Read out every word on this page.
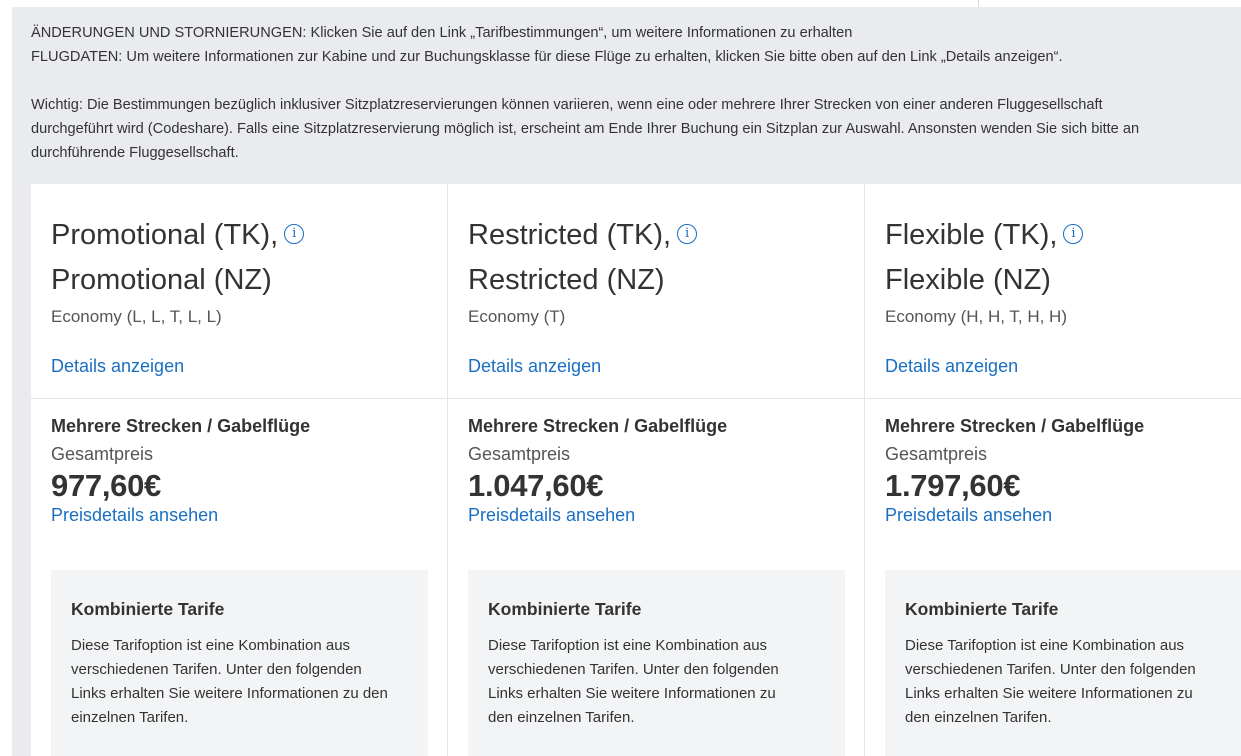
ÄNDERUNGEN UND STORNIERUNGEN: Klicken Sie auf den Link „Tarifbestimmungen“, um weitere Informationen zu erhalten

FLUGDATEN: Um weitere Informationen zur Kabine und zur Buchungsklasse für diese Flüge zu erhalten, klicken Sie bitte oben auf den Link „Details anzeigen“.

Wichtig: Die Bestimmungen bezüglich inklusiver Sitzplatzreservierungen können variieren, wenn eine oder mehrere Ihrer Strecken von einer anderen Fluggesellschaft

durchgeführt wird (Codeshare). Falls eine Sitzplatzreservierung möglich ist, erscheint am Ende Ihrer Buchung ein Sitzplan zur Auswahl. Ansonsten wenden Sie sich bitte an

durchführende Fluggesellschaft.

Promotional (TK), i
Promotional (NZ)
Economy (L, L, T, L, L)
Details anzeigen
Mehrere Strecken / Gabelflüge
Gesamtpreis
977,60€
Preisdetails ansehen
Kombinierte Tarife

Diese Tarifoption ist eine Kombination aus
verschiedenen Tarifen. Unter den folgenden
Links erhalten Sie weitere Informationen zu den
einzelnen Tarifen.

Restricted (TK), i
Restricted (NZ)
Economy (T)
Details anzeigen
Mehrere Strecken / Gabelflüge
Gesamtpreis
1.047,60€
Preisdetails ansehen
Kombinierte Tarife

Diese Tarifoption ist eine Kombination aus
verschiedenen Tarifen. Unter den folgenden
Links erhalten Sie weitere Informationen zu
den einzelnen Tarifen.

Flexible (TK), i
Flexible (NZ)
Economy (H, H, T, H, H)
Details anzeigen
Mehrere Strecken / Gabelflüge
Gesamtpreis
1.797,60€
Preisdetails ansehen
Kombinierte Tarife

Diese Tarifoption ist eine Kombination aus
verschiedenen Tarifen. Unter den folgenden
Links erhalten Sie weitere Informationen zu
den einzelnen Tarifen.
